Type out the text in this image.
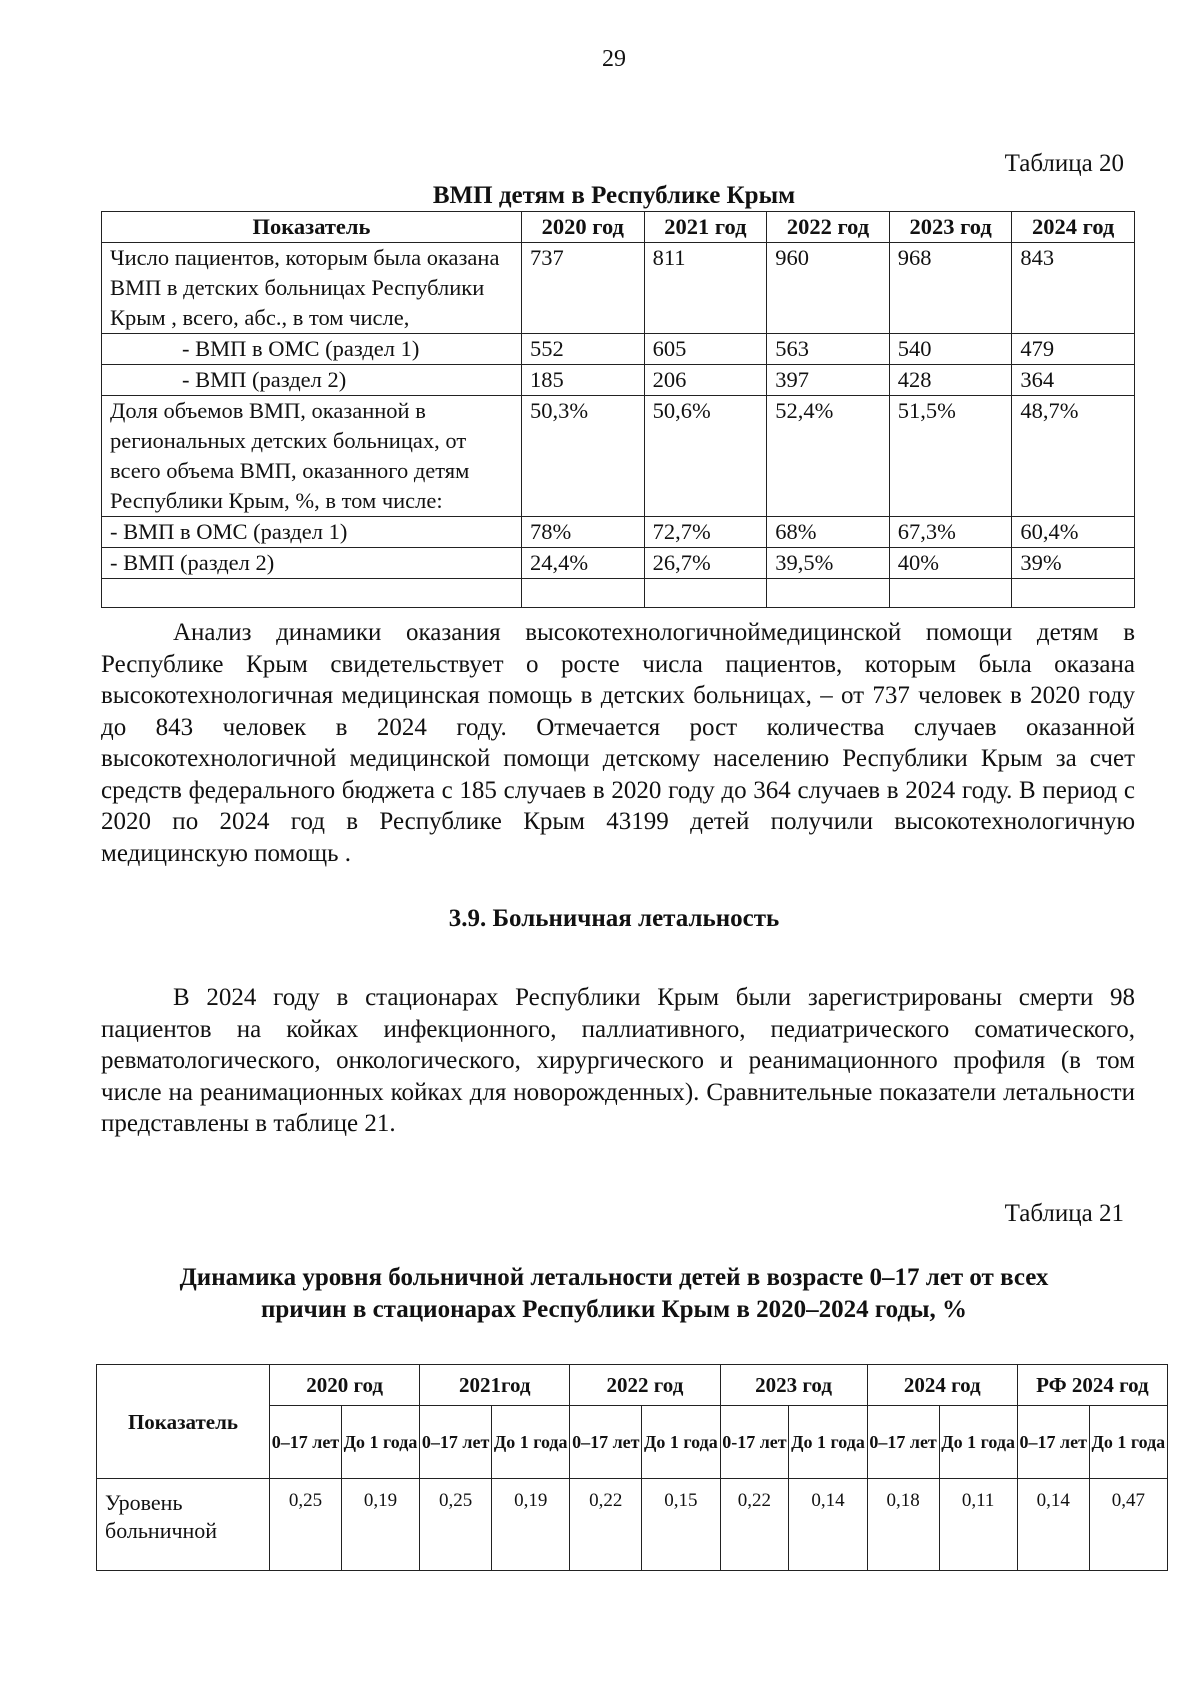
29
Таблица 20
ВМП детям в Республике Крым
Показатель	2020 год	2021 год	2022 год	2023 год	2024 год
Число пациентов, которым была оказана ВМП в детских больницах Республики Крым , всего, абс., в том числе,	737	811	960	968	843
- ВМП в ОМС (раздел 1)	552	605	563	540	479
- ВМП (раздел 2)	185	206	397	428	364
Доля объемов ВМП, оказанной в региональных детских больницах, от всего объема ВМП, оказанного детям Республики Крым, %, в том числе:	50,3%	50,6%	52,4%	51,5%	48,7%
- ВМП в ОМС (раздел 1)	78%	72,7%	68%	67,3%	60,4%
- ВМП (раздел 2)	24,4%	26,7%	39,5%	40%	39%

Анализ динамики оказания высокотехнологичноймедицинской помощи детям в Республике Крым свидетельствует о росте числа пациентов, которым была оказана высокотехнологичная медицинская помощь в детских больницах, – от 737 человек в 2020 году до 843 человек в 2024 году. Отмечается рост количества случаев оказанной высокотехнологичной медицинской помощи детскому населению Республики Крым за счет средств федерального бюджета с 185 случаев в 2020 году до 364 случаев в 2024 году. В период с 2020 по 2024 год в Республике Крым 43199 детей получили высокотехнологичную медицинскую помощь .

3.9. Больничная летальность

В 2024 году в стационарах Республики Крым были зарегистрированы смерти 98 пациентов на койках инфекционного, паллиативного, педиатрического соматического, ревматологического, онкологического, хирургического и реанимационного профиля (в том числе на реанимационных койках для новорожденных). Сравнительные показатели летальности представлены в таблице 21.

Таблица 21
Динамика уровня больничной летальности детей в возрасте 0–17 лет от всех
причин в стационарах Республики Крым в 2020–2024 годы, %
Показатель	2020 год		2021год		2022 год		2023 год		2024 год		РФ 2024 год	
	0–17 лет	До 1 года	0–17 лет	До 1 года	0–17 лет	До 1 года	0-17 лет	До 1 года	0–17 лет	До 1 года	0–17 лет	До 1 года
Уровень больничной	0,25	0,19	0,25	0,19	0,22	0,15	0,22	0,14	0,18	0,11	0,14	0,47
